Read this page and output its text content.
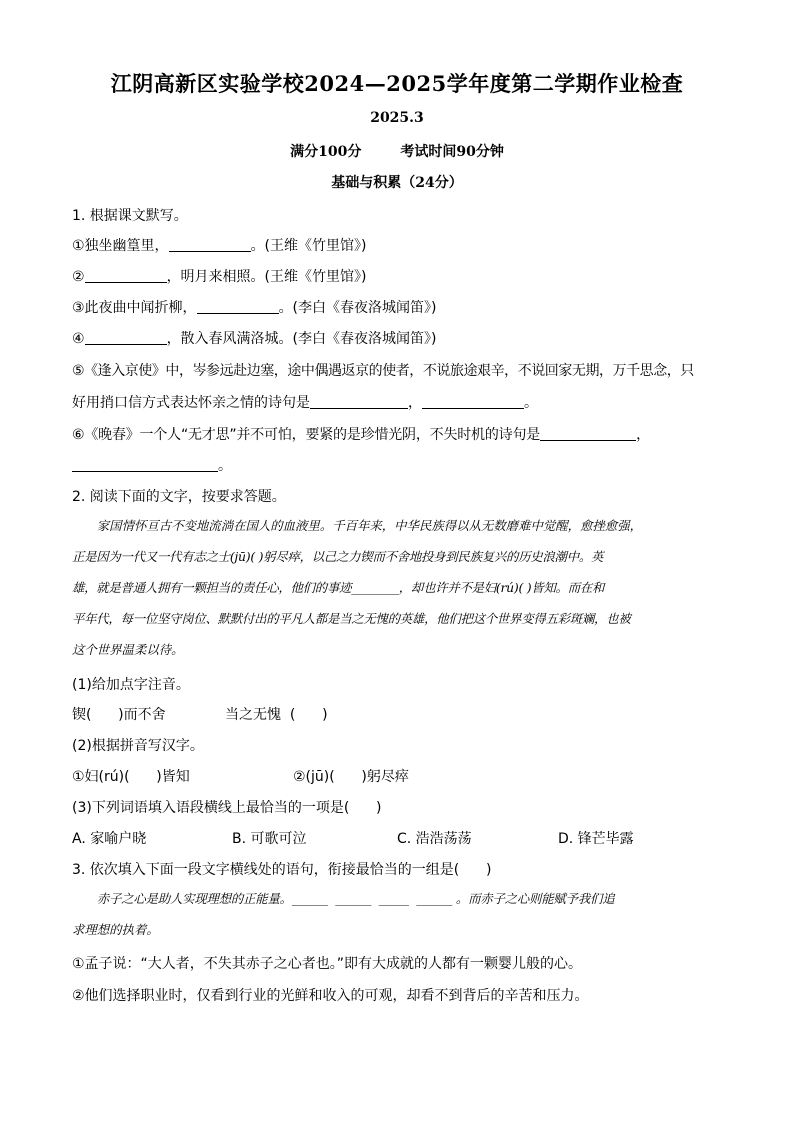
江阴高新区实验学校2024—2025学年度第二学期作业检查
2025.3
满分100分        考试时间90分钟
基础与积累（24分）
1. 根据课文默写。
①独坐幽篁里，	。(王维《竹里馆》)
②	，明月来相照。(王维《竹里馆》)
③此夜曲中闻折柳，	。(李白《春夜洛城闻笛》)
④	，散入春风满洛城。(李白《春夜洛城闻笛》)
⑤《逢入京使》中，岑参远赴边塞，途中偶遇返京的使者，不说旅途艰辛，不说回家无期，万千思念，只
好用捎口信方式表达怀亲之情的诗句是	，	。
⑥《晚春》一个人“无才思”并不可怕，要紧的是珍惜光阴，不失时机的诗句是	，
。
2. 阅读下面的文字，按要求答题。

家国情怀亘古不变地流淌在国人的血液里。千百年来，中华民族得以从无数磨难中觉醒，愈挫愈强，

正是因为一代又一代有志之士(jū)( )躬尽瘁，以己之力锲而不舍地投身到民族复兴的历史浪潮中。英

雄，就是普通人拥有一颗担当的责任心，他们的事迹________，却也许并不是妇(rú)( )皆知。而在和

平年代，每一位坚守岗位、默默付出的平凡人都是当之无愧的英雄，他们把这个世界变得五彩斑斓，也被

这个世界温柔以待。

(1)给加点字注音。
锲(      )而不舍	当之无愧  (      )
(2)根据拼音写汉字。
①妇(rú)(      )皆知	②(jū)(      )躬尽瘁
(3)下列词语填入语段横线上最恰当的一项是(      )
A. 家喻户晓	B. 可歌可泣	C. 浩浩荡荡	D. 锋芒毕露
3. 依次填入下面一段文字横线处的语句，衔接最恰当的一组是(      )

赤子之心是助人实现理想的正能量。______  ______  _____  ______ 。而赤子之心则能赋予我们追

求理想的执着。

①孟子说：“大人者，不失其赤子之心者也。”即有大成就的人都有一颗婴儿般的心。
②他们选择职业时，仅看到行业的光鲜和收入的可观，却看不到背后的辛苦和压力。
